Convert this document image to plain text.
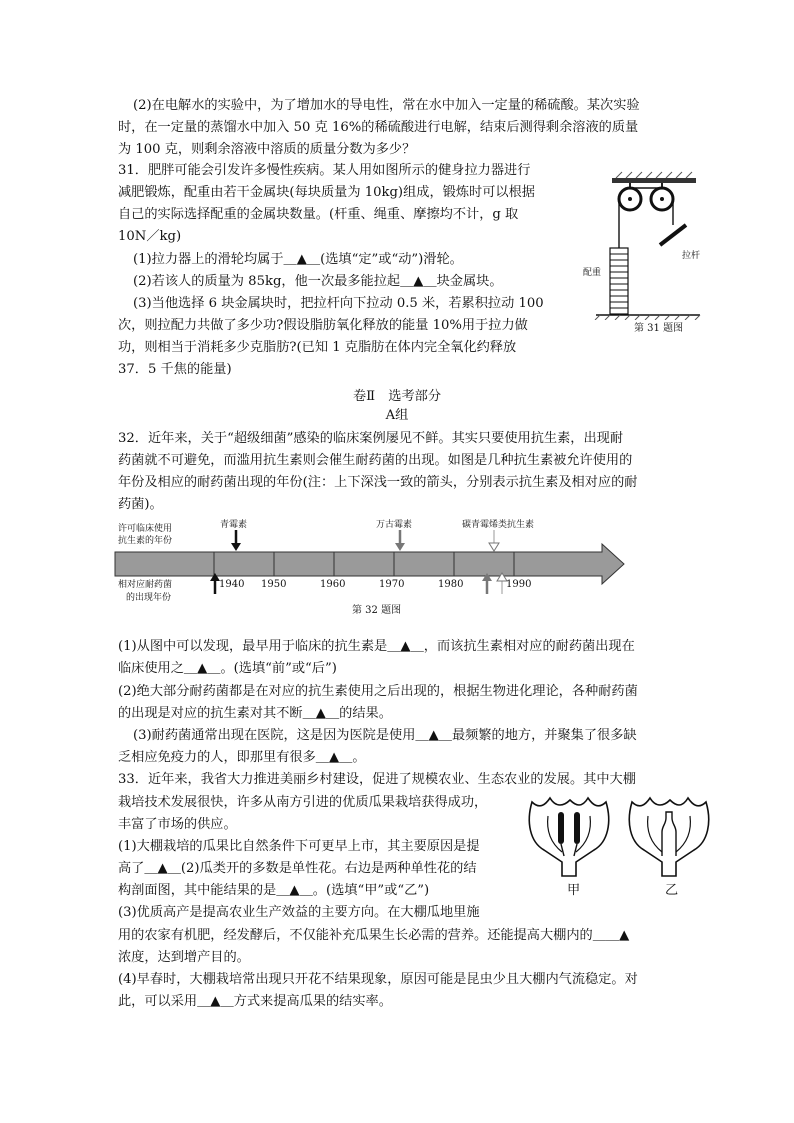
(2)在电解水的实验中，为了增加水的导电性，常在水中加入一定量的稀硫酸。某次实验
时，在一定量的蒸馏水中加入 50 克 16%的稀硫酸进行电解，结束后测得剩余溶液的质量
为 100 克，则剩余溶液中溶质的质量分数为多少？
31．肥胖可能会引发许多慢性疾病。某人用如图所示的健身拉力器进行
减肥锻炼，配重由若干金属块(每块质量为 10kg)组成，锻炼时可以根据
自己的实际选择配重的金属块数量。(杆重、绳重、摩擦均不计，g 取
10N／kg)
(1)拉力器上的滑轮均属于＿▲＿(选填“定”或“动”)滑轮。
(2)若该人的质量为 85kg，他一次最多能拉起＿▲＿块金属块。
(3)当他选择 6 块金属块时，把拉杆向下拉动 0.5 米，若累积拉动 100
次，则拉配力共做了多少功?假设脂肪氧化释放的能量 10%用于拉力做
功，则相当于消耗多少克脂肪?(已知 1 克脂肪在体内完全氧化约释放
37．5 千焦的能量)
配重
拉杆
第 31 题图
卷Ⅱ　选考部分
A组
32．近年来，关于“超级细菌”感染的临床案例屡见不鲜。其实只要使用抗生素，出现耐
药菌就不可避免，而滥用抗生素则会催生耐药菌的出现。如图是几种抗生素被允许使用的
年份及相应的耐药菌出现的年份(注：上下深浅一致的箭头，分别表示抗生素及相对应的耐
药菌)。
许可临床使用
抗生素的年份
相对应耐药菌
的出现年份
青霉素	万古霉素	碳青霉烯类抗生素
1940 1950	1960	1970	1980	1990
第 32 题图
(1)从图中可以发现，最早用于临床的抗生素是＿▲＿，而该抗生素相对应的耐药菌出现在
临床使用之＿▲＿。(选填“前”或“后”)
(2)绝大部分耐药菌都是在对应的抗生素使用之后出现的，根据生物进化理论，各种耐药菌
的出现是对应的抗生素对其不断＿▲＿的结果。
(3)耐药菌通常出现在医院，这是因为医院是使用＿▲＿最频繁的地方，并聚集了很多缺
乏相应免疫力的人，即那里有很多＿▲＿。
33．近年来，我省大力推进美丽乡村建设，促进了规模农业、生态农业的发展。其中大棚
栽培技术发展很快，许多从南方引进的优质瓜果栽培获得成功，
丰富了市场的供应。
(1)大棚栽培的瓜果比自然条件下可更早上市，其主要原因是提
高了＿▲＿(2)瓜类开的多数是单性花。右边是两种单性花的结
构剖面图，其中能结果的是＿▲＿。(选填“甲”或“乙”)
(3)优质高产是提高农业生产效益的主要方向。在大棚瓜地里施
用的农家有机肥，经发酵后，不仅能补充瓜果生长必需的营养。还能提高大棚内的＿＿▲
浓度，达到增产目的。
(4)早春时，大棚栽培常出现只开花不结果现象，原因可能是昆虫少且大棚内气流稳定。对
此，可以采用＿▲＿方式来提高瓜果的结实率。
甲	乙
